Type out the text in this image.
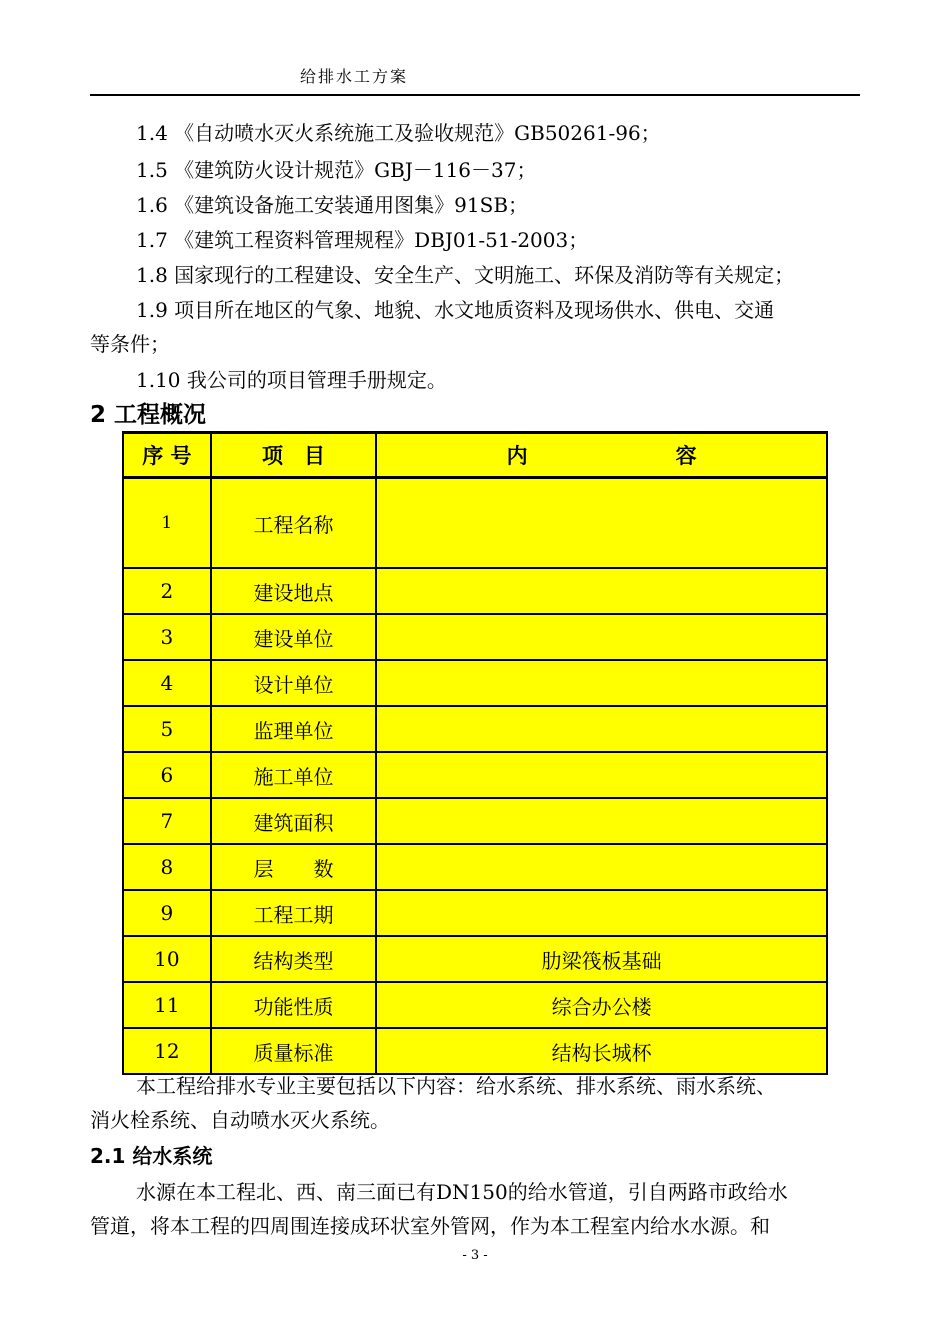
给排水工方案
1.4 《自动喷水灭火系统施工及验收规范》GB50261-96；
1.5 《建筑防火设计规范》GBJ－116－37；
1.6 《建筑设备施工安装通用图集》91SB；
1.7 《建筑工程资料管理规程》DBJ01-51-2003；
1.8 国家现行的工程建设、安全生产、文明施工、环保及消防等有关规定；
1.9 项目所在地区的气象、地貌、水文地质资料及现场供水、供电、交通
等条件；
1.10 我公司的项目管理手册规定。
2 工程概况
序 号	项　目	内容
1	工程名称	
2	建设地点	
3	建设单位	
4	设计单位	
5	监理单位	
6	施工单位	
7	建筑面积	
8	层　　数	
9	工程工期	
10	结构类型	肋梁筏板基础
11	功能性质	综合办公楼
12	质量标准	结构长城杯
本工程给排水专业主要包括以下内容：给水系统、排水系统、雨水系统、
消火栓系统、自动喷水灭火系统。
2.1 给水系统
水源在本工程北、西、南三面已有DN150的给水管道，引自两路市政给水
管道，将本工程的四周围连接成环状室外管网，作为本工程室内给水水源。和
- 3 -
